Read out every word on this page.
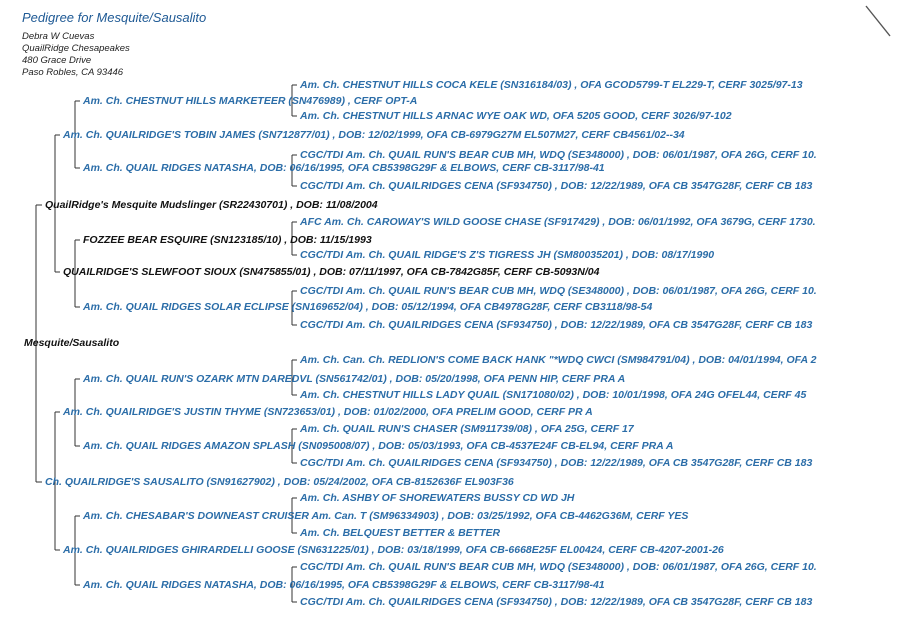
Pedigree for Mesquite/Sausalito
Debra W Cuevas
QuailRidge Chesapeakes
480 Grace Drive
Paso Robles, CA 93446
Am. Ch. CHESTNUT HILLS COCA KELE (SN316184/03) , OFA GCOD5799-T EL229-T, CERF 3025/97-13
Am. Ch. CHESTNUT HILLS MARKETEER (SN476989) , CERF OPT-A
Am. Ch. CHESTNUT HILLS ARNAC WYE OAK WD, OFA 5205 GOOD, CERF 3026/97-102
Am. Ch. QUAILRIDGE'S TOBIN JAMES (SN712877/01) , DOB: 12/02/1999, OFA CB-6979G27M EL507M27, CERF CB4561/02--34
CGC/TDI Am. Ch. QUAIL RUN'S BEAR CUB MH, WDQ (SE348000) , DOB: 06/01/1987, OFA 26G, CERF 10.
Am. Ch. QUAIL RIDGES NATASHA, DOB: 06/16/1995, OFA CB5398G29F & ELBOWS, CERF CB-3117/98-41
CGC/TDI Am. Ch. QUAILRIDGES CENA (SF934750) , DOB: 12/22/1989, OFA CB 3547G28F, CERF CB 183
QuailRidge's Mesquite Mudslinger (SR22430701) , DOB: 11/08/2004
AFC Am. Ch. CAROWAY'S WILD GOOSE CHASE (SF917429) , DOB: 06/01/1992, OFA 3679G, CERF 1730.
FOZZEE BEAR ESQUIRE (SN123185/10) , DOB: 11/15/1993
CGC/TDI Am. Ch. QUAIL RIDGE'S Z'S TIGRESS JH (SM80035201) , DOB: 08/17/1990
QUAILRIDGE'S SLEWFOOT SIOUX (SN475855/01) , DOB: 07/11/1997, OFA CB-7842G85F, CERF CB-5093N/04
CGC/TDI Am. Ch. QUAIL RUN'S BEAR CUB MH, WDQ (SE348000) , DOB: 06/01/1987, OFA 26G, CERF 10.
Am. Ch. QUAIL RIDGES SOLAR ECLIPSE (SN169652/04) , DOB: 05/12/1994, OFA CB4978G28F, CERF CB3118/98-54
CGC/TDI Am. Ch. QUAILRIDGES CENA (SF934750) , DOB: 12/22/1989, OFA CB 3547G28F, CERF CB 183
Mesquite/Sausalito
Am. Ch. Can. Ch. REDLION'S COME BACK HANK "*WDQ CWCI (SM984791/04) , DOB: 04/01/1994, OFA 2
Am. Ch. QUAIL RUN'S OZARK MTN DAREDVL (SN561742/01) , DOB: 05/20/1998, OFA PENN HIP, CERF PRA A
Am. Ch. CHESTNUT HILLS LADY QUAIL (SN171080/02) , DOB: 10/01/1998, OFA 24G OFEL44, CERF 45
Am. Ch. QUAILRIDGE'S JUSTIN THYME (SN723653/01) , DOB: 01/02/2000, OFA PRELIM GOOD, CERF PR A
Am. Ch. QUAIL RUN'S CHASER (SM911739/08) , OFA 25G, CERF 17
Am. Ch. QUAIL RIDGES AMAZON SPLASH (SN095008/07) , DOB: 05/03/1993, OFA CB-4537E24F CB-EL94, CERF PRA A
CGC/TDI Am. Ch. QUAILRIDGES CENA (SF934750) , DOB: 12/22/1989, OFA CB 3547G28F, CERF CB 183
Ch. QUAILRIDGE'S SAUSALITO (SN91627902) , DOB: 05/24/2002, OFA CB-8152636F EL903F36
Am. Ch. ASHBY OF SHOREWATERS BUSSY CD WD JH
Am. Ch. CHESABAR'S DOWNEAST CRUISER Am. Can. T (SM96334903) , DOB: 03/25/1992, OFA CB-4462G36M, CERF YES
Am. Ch. BELQUEST BETTER & BETTER
Am. Ch. QUAILRIDGES GHIRARDELLI GOOSE (SN631225/01) , DOB: 03/18/1999, OFA CB-6668E25F EL00424, CERF CB-4207-2001-26
CGC/TDI Am. Ch. QUAIL RUN'S BEAR CUB MH, WDQ (SE348000) , DOB: 06/01/1987, OFA 26G, CERF 10.
Am. Ch. QUAIL RIDGES NATASHA, DOB: 06/16/1995, OFA CB5398G29F & ELBOWS, CERF CB-3117/98-41
CGC/TDI Am. Ch. QUAILRIDGES CENA (SF934750) , DOB: 12/22/1989, OFA CB 3547G28F, CERF CB 183
